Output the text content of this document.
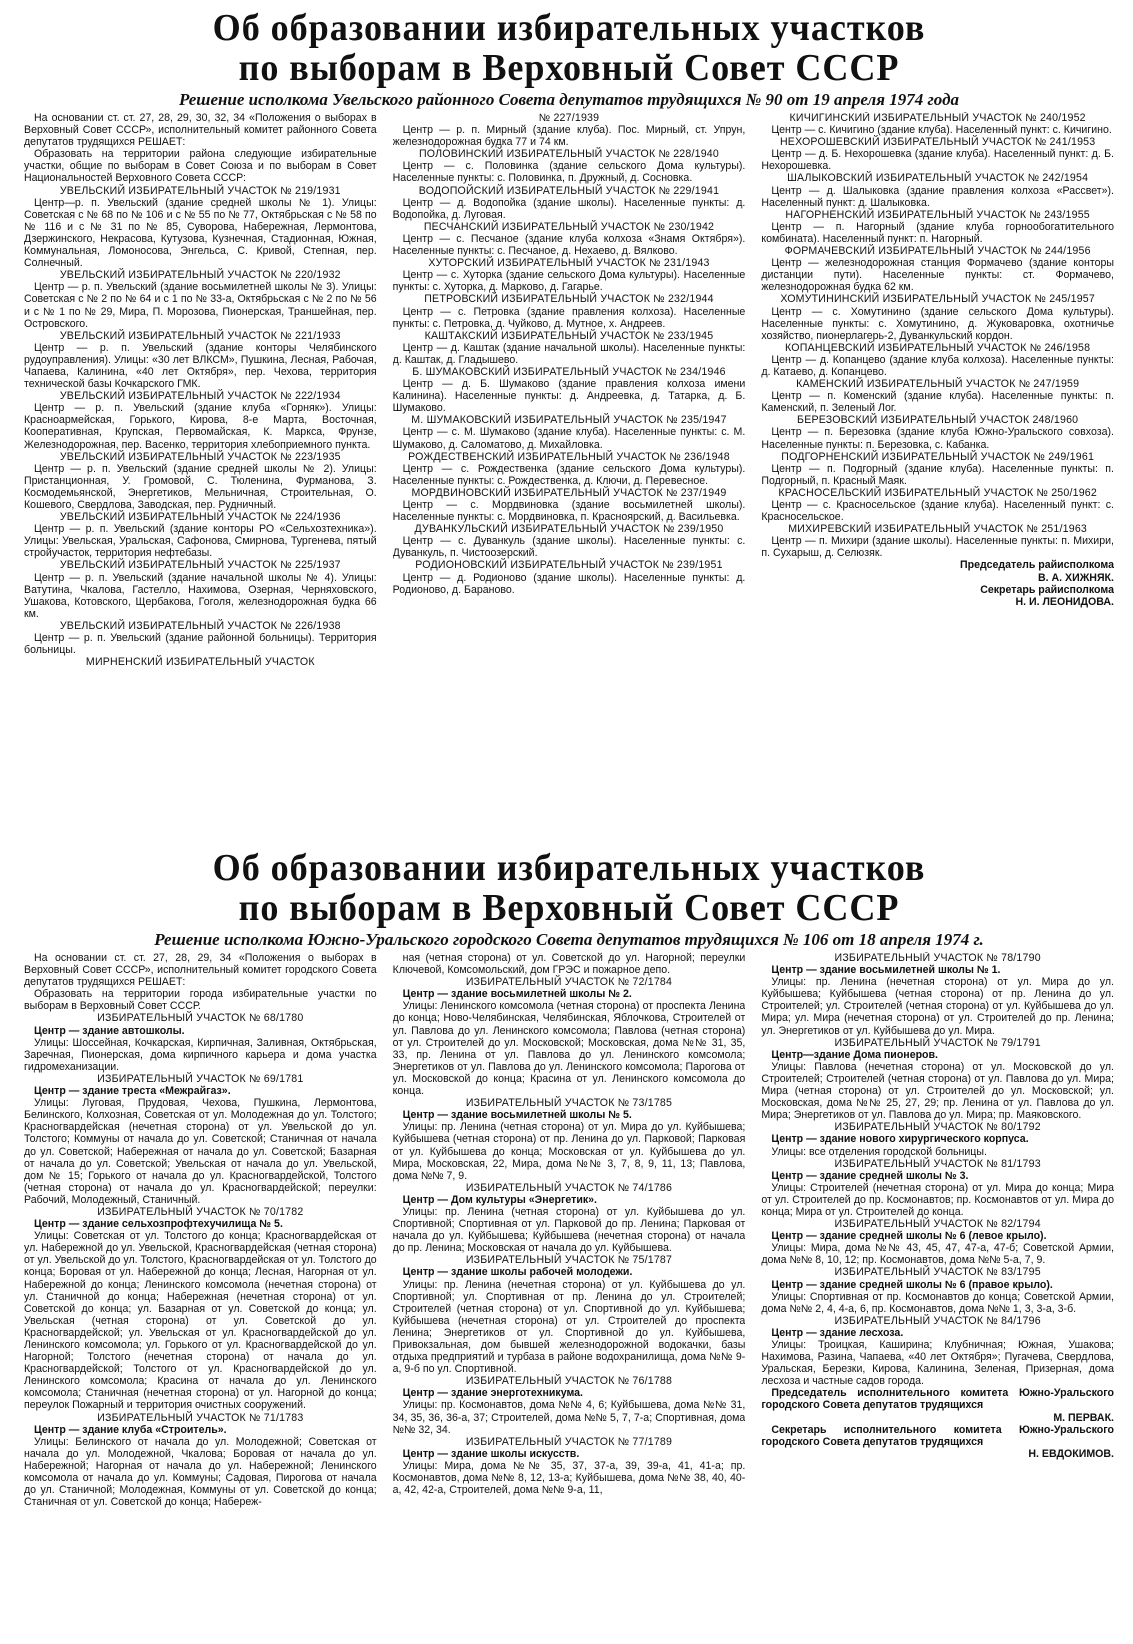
Об образовании избирательных участков
по выборам в Верховный Совет СССР
Решение исполкома Увельского районного Совета депутатов трудящихся № 90 от 19 апреля 1974 года

На основании ст. ст. 27, 28, 29, 30, 32, 34 «Положения о выборах в Верховный Совет СССР», исполнительный комитет районного Совета депутатов трудящихся РЕШАЕТ:

Образовать на территории района следующие избирательные участки, общие по выборам в Совет Союза и по выборам в Совет Национальностей Верховного Совета СССР:

УВЕЛЬСКИЙ ИЗБИРАТЕЛЬНЫЙ УЧАСТОК № 219/1931

Центр—р. п. Увельский (здание средней школы № 1). Улицы: Советская с № 68 по № 106 и с № 55 по № 77, Октябрьская с № 58 по № 116 и с № 31 по № 85, Суворова, Набережная, Лермонтова, Дзержинского, Некрасова, Кутузова, Кузнечная, Стадионная, Южная, Коммунальная, Ломоносова, Энгельса, С. Кривой, Степная, пер. Солнечный.

УВЕЛЬСКИЙ ИЗБИРАТЕЛЬНЫЙ УЧАСТОК № 220/1932

Центр — р. п. Увельский (здание восьмилетней школы № 3). Улицы: Советская с № 2 по № 64 и с 1 по № 33-а, Октябрьская с № 2 по № 56 и с № 1 по № 29, Мира, П. Морозова, Пионерская, Траншейная, пер. Островского.

УВЕЛЬСКИЙ ИЗБИРАТЕЛЬНЫЙ УЧАСТОК № 221/1933

Центр — р. п. Увельский (здание конторы Челябинского рудоуправления). Улицы: «30 лет ВЛКСМ», Пушкина, Лесная, Рабочая, Чапаева, Калинина, «40 лет Октября», пер. Чехова, территория технической базы Кочкарского ГМК.

УВЕЛЬСКИЙ ИЗБИРАТЕЛЬНЫЙ УЧАСТОК № 222/1934

Центр — р. п. Увельский (здание клуба «Горняк»). Улицы: Красноармейская, Горького, Кирова, 8-е Марта, Восточная, Кооперативная, Крупская, Первомайская, К. Маркса, Фрунзе, Железнодорожная, пер. Васенко, территория хлебоприемного пункта.

УВЕЛЬСКИЙ ИЗБИРАТЕЛЬНЫЙ УЧАСТОК № 223/1935

Центр — р. п. Увельский (здание средней школы № 2). Улицы: Пристанционная, У. Громовой, С. Тюленина, Фурманова, З. Космодемьянской, Энергетиков, Мельничная, Строительная, О. Кошевого, Свердлова, Заводская, пер. Рудничный.

УВЕЛЬСКИЙ ИЗБИРАТЕЛЬНЫЙ УЧАСТОК № 224/1936

Центр — р. п. Увельский (здание конторы РО «Сельхозтехника»). Улицы: Увельская, Уральская, Сафонова, Смирнова, Тургенева, пятый стройучасток, территория нефтебазы.

УВЕЛЬСКИЙ ИЗБИРАТЕЛЬНЫЙ УЧАСТОК № 225/1937

Центр — р. п. Увельский (здание начальной школы № 4). Улицы: Ватутина, Чкалова, Гастелло, Нахимова, Озерная, Черняховского, Ушакова, Котовского, Щербакова, Гоголя, железнодорожная будка 66 км.

УВЕЛЬСКИЙ ИЗБИРАТЕЛЬНЫЙ УЧАСТОК № 226/1938

Центр — р. п. Увельский (здание районной больницы). Территория больницы.

МИРНЕНСКИЙ ИЗБИРАТЕЛЬНЫЙ УЧАСТОК

№ 227/1939

Центр — р. п. Мирный (здание клуба). Пос. Мирный, ст. Упрун, железнодорожная будка 77 и 74 км.

ПОЛОВИНСКИЙ ИЗБИРАТЕЛЬНЫЙ УЧАСТОК № 228/1940

Центр — с. Половинка (здание сельского Дома культуры). Населенные пункты: с. Половинка, п. Дружный, д. Сосновка.

ВОДОПОЙСКИЙ ИЗБИРАТЕЛЬНЫЙ УЧАСТОК № 229/1941

Центр — д. Водопойка (здание школы). Населенные пункты: д. Водопойка, д. Луговая.

ПЕСЧАНСКИЙ ИЗБИРАТЕЛЬНЫЙ УЧАСТОК № 230/1942

Центр — с. Песчаное (здание клуба колхоза «Знамя Октября»). Населенные пункты: с. Песчаное, д. Нехаево, д. Вялково.

ХУТОРСКИЙ ИЗБИРАТЕЛЬНЫЙ УЧАСТОК № 231/1943

Центр — с. Хуторка (здание сельского Дома культуры). Населенные пункты: с. Хуторка, д. Марково, д. Гагарье.

ПЕТРОВСКИЙ ИЗБИРАТЕЛЬНЫЙ УЧАСТОК № 232/1944

Центр — с. Петровка (здание правления колхоза). Населенные пункты: с. Петровка, д. Чуйково, д. Мутное, х. Андреев.

КАШТАКСКИЙ ИЗБИРАТЕЛЬНЫЙ УЧАСТОК № 233/1945

Центр — д. Каштак (здание начальной школы). Населенные пункты: д. Каштак, д. Гладышево.

Б. ШУМАКОВСКИЙ ИЗБИРАТЕЛЬНЫЙ УЧАСТОК № 234/1946

Центр — д. Б. Шумаково (здание правления колхоза имени Калинина). Населенные пункты: д. Андреевка, д. Татарка, д. Б. Шумаково.

М. ШУМАКОВСКИЙ ИЗБИРАТЕЛЬНЫЙ УЧАСТОК № 235/1947

Центр — с. М. Шумаково (здание клуба). Населенные пункты: с. М. Шумаково, д. Саломатово, д. Михайловка.

РОЖДЕСТВЕНСКИЙ ИЗБИРАТЕЛЬНЫЙ УЧАСТОК № 236/1948

Центр — с. Рождественка (здание сельского Дома культуры). Населенные пункты: с. Рождественка, д. Ключи, д. Перевесное.

МОРДВИНОВСКИЙ ИЗБИРАТЕЛЬНЫЙ УЧАСТОК № 237/1949

Центр — с. Мордвиновка (здание восьмилетней школы). Населенные пункты: с. Мордвиновка, п. Красноярский, д. Васильевка.

ДУВАНКУЛЬСКИЙ ИЗБИРАТЕЛЬНЫЙ УЧАСТОК № 239/1950

Центр — с. Дуванкуль (здание школы). Населенные пункты: с. Дуванкуль, п. Чистоозерский.

РОДИОНОВСКИЙ ИЗБИРАТЕЛЬНЫЙ УЧАСТОК № 239/1951

Центр — д. Родионово (здание школы). Населенные пункты: д. Родионово, д. Бараново.

КИЧИГИНСКИЙ ИЗБИРАТЕЛЬНЫЙ УЧАСТОК № 240/1952

Центр — с. Кичигино (здание клуба). Населенный пункт: с. Кичигино.

НЕХОРОШЕВСКИЙ ИЗБИРАТЕЛЬНЫЙ УЧАСТОК № 241/1953

Центр — д. Б. Нехорошевка (здание клуба). Населенный пункт: д. Б. Нехорошевка.

ШАЛЫКОВСКИЙ ИЗБИРАТЕЛЬНЫЙ УЧАСТОК № 242/1954

Центр — д. Шалыковка (здание правления колхоза «Рассвет»). Населенный пункт: д. Шалыковка.

НАГОРНЕНСКИЙ ИЗБИРАТЕЛЬНЫЙ УЧАСТОК № 243/1955

Центр — п. Нагорный (здание клуба горнообогатительного комбината). Населенный пункт: п. Нагорный.

ФОРМАЧЕВСКИЙ ИЗБИРАТЕЛЬНЫЙ УЧАСТОК № 244/1956

Центр — железнодорожная станция Формачево (здание конторы дистанции пути). Населенные пункты: ст. Формачево, железнодорожная будка 62 км.

ХОМУТИНИНСКИЙ ИЗБИРАТЕЛЬНЫЙ УЧАСТОК № 245/1957

Центр — с. Хомутинино (здание сельского Дома культуры). Населенные пункты: с. Хомутинино, д. Жуковаровка, охотничье хозяйство, пионерлагерь-2, Дуванкульский кордон.

КОПАНЦЕВСКИЙ ИЗБИРАТЕЛЬНЫЙ УЧАСТОК № 246/1958

Центр — д. Копанцево (здание клуба колхоза). Населенные пункты: д. Катаево, д. Копанцево.

КАМЕНСКИЙ ИЗБИРАТЕЛЬНЫЙ УЧАСТОК № 247/1959

Центр — п. Коменский (здание клуба). Населенные пункты: п. Каменский, п. Зеленый Лог.

БЕРЕЗОВСКИЙ ИЗБИРАТЕЛЬНЫЙ УЧАСТОК 248/1960

Центр — п. Березовка (здание клуба Южно-Уральского совхоза). Населенные пункты: п. Березовка, с. Кабанка.

ПОДГОРНЕНСКИЙ ИЗБИРАТЕЛЬНЫЙ УЧАСТОК № 249/1961

Центр — п. Подгорный (здание клуба). Населенные пункты: п. Подгорный, п. Красный Маяк.

КРАСНОСЕЛЬСКИЙ ИЗБИРАТЕЛЬНЫЙ УЧАСТОК № 250/1962

Центр — с. Красносельское (здание клуба). Населенный пункт: с. Красносельское.

МИХИРЕВСКИЙ ИЗБИРАТЕЛЬНЫЙ УЧАСТОК № 251/1963

Центр — п. Михири (здание школы). Населенные пункты: п. Михири, п. Сухарыш, д. Селюзяк.

Председатель райисполкома

В. А. ХИЖНЯК.

Секретарь райисполкома

Н. И. ЛЕОНИДОВА.

Об образовании избирательных участков
по выборам в Верховный Совет СССР
Решение исполкома Южно-Уральского городского Совета депутатов трудящихся № 106 от 18 апреля 1974 г.

На основании ст. ст. 27, 28, 29, 34 «Положения о выборах в Верховный Совет СССР», исполнительный комитет городского Совета депутатов трудящихся РЕШАЕТ:

Образовать на территории города избирательные участки по выборам в Верховный Совет СССР.

ИЗБИРАТЕЛЬНЫЙ УЧАСТОК № 68/1780

Центр — здание автошколы.

Улицы: Шоссейная, Кочкарская, Кирпичная, Заливная, Октябрьская, Заречная, Пионерская, дома кирпичного карьера и дома участка гидромеханизации.

ИЗБИРАТЕЛЬНЫЙ УЧАСТОК № 69/1781

Центр — здание треста «Межрайгаз».

Улицы: Луговая, Прудовая, Чехова, Пушкина, Лермонтова, Белинского, Колхозная, Советская от ул. Молодежная до ул. Толстого; Красногвардейская (нечетная сторона) от ул. Увельской до ул. Толстого; Коммуны от начала до ул. Советской; Станичная от начала до ул. Советской; Набережная от начала до ул. Советской; Базарная от начала до ул. Советской; Увельская от начала до ул. Увельской, дом № 15; Горького от начала до ул. Красногвардейской, Толстого (четная сторона) от начала до ул. Красногвардейской; переулки: Рабочий, Молодежный, Станичный.

ИЗБИРАТЕЛЬНЫЙ УЧАСТОК № 70/1782

Центр — здание сельхозпрофтехучилища № 5.

Улицы: Советская от ул. Толстого до конца; Красногвардейская от ул. Набережной до ул. Увельской, Красногвардейская (четная сторона) от ул. Увельской до ул. Толстого, Красногвардейская от ул. Толстого до конца; Боровая от ул. Набережной до конца; Лесная, Нагорная от ул. Набережной до конца; Ленинского комсомола (нечетная сторона) от ул. Станичной до конца; Набережная (нечетная сторона) от ул. Советской до конца; ул. Базарная от ул. Советской до конца; ул. Увельская (четная сторона) от ул. Советской до ул. Красногвардейской; ул. Увельская от ул. Красногвардейской до ул. Ленинского комсомола; ул. Горького от ул. Красногвардейской до ул. Нагорной; Толстого (нечетная сторона) от начала до ул. Красногвардейской; Толстого от ул. Красногвардейской до ул. Ленинского комсомола; Красина от начала до ул. Ленинского комсомола; Станичная (нечетная сторона) от ул. Нагорной до конца; переулок Пожарный и территория очистных сооружений.

ИЗБИРАТЕЛЬНЫЙ УЧАСТОК № 71/1783

Центр — здание клуба «Строитель».

Улицы: Белинского от начала до ул. Молодежной; Советская от начала до ул. Молодежной, Чкалова; Боровая от начала до ул. Набережной; Нагорная от начала до ул. Набережной; Ленинского комсомола от начала до ул. Коммуны; Садовая, Пирогова от начала до ул. Станичной; Молодежная, Коммуны от ул. Советской до конца; Станичная от ул. Советской до конца; Набереж-

ная (четная сторона) от ул. Советской до ул. Нагорной; переулки Ключевой, Комсомольский, дом ГРЭС и пожарное депо.

ИЗБИРАТЕЛЬНЫЙ УЧАСТОК № 72/1784

Центр — здание восьмилетней школы № 2.

Улицы: Ленинского комсомола (четная сторона) от проспекта Ленина до конца; Ново-Челябинская, Челябинская, Яблочкова, Строителей от ул. Павлова до ул. Ленинского комсомола; Павлова (четная сторона) от ул. Строителей до ул. Московской; Московская, дома №№ 31, 35, 33, пр. Ленина от ул. Павлова до ул. Ленинского комсомола; Энергетиков от ул. Павлова до ул. Ленинского комсомола; Парогова от ул. Московской до конца; Красина от ул. Ленинского комсомола до конца.

ИЗБИРАТЕЛЬНЫЙ УЧАСТОК № 73/1785

Центр — здание восьмилетней школы № 5.

Улицы: пр. Ленина (четная сторона) от ул. Мира до ул. Куйбышева; Куйбышева (четная сторона) от пр. Ленина до ул. Парковой; Парковая от ул. Куйбышева до конца; Московская от ул. Куйбышева до ул. Мира, Московская, 22, Мира, дома №№ 3, 7, 8, 9, 11, 13; Павлова, дома №№ 7, 9.

ИЗБИРАТЕЛЬНЫЙ УЧАСТОК № 74/1786

Центр — Дом культуры «Энергетик».

Улицы: пр. Ленина (четная сторона) от ул. Куйбышева до ул. Спортивной; Спортивная от ул. Парковой до пр. Ленина; Парковая от начала до ул. Куйбышева; Куйбышева (нечетная сторона) от начала до пр. Ленина; Московская от начала до ул. Куйбышева.

ИЗБИРАТЕЛЬНЫЙ УЧАСТОК № 75/1787

Центр — здание школы рабочей молодежи.

Улицы: пр. Ленина (нечетная сторона) от ул. Куйбышева до ул. Спортивной; ул. Спортивная от пр. Ленина до ул. Строителей; Строителей (четная сторона) от ул. Спортивной до ул. Куйбышева; Куйбышева (нечетная сторона) от ул. Строителей до проспекта Ленина; Энергетиков от ул. Спортивной до ул. Куйбышева, Привокзальная, дом бывшей железнодорожной водокачки, базы отдыха предприятий и турбаза в районе водохранилища, дома №№ 9-а, 9-б по ул. Спортивной.

ИЗБИРАТЕЛЬНЫЙ УЧАСТОК № 76/1788

Центр — здание энерготехникума.

Улицы: пр. Космонавтов, дома №№ 4, 6; Куйбышева, дома №№ 31, 34, 35, 36, 36-а, 37; Строителей, дома №№ 5, 7, 7-а; Спортивная, дома №№ 32, 34.

ИЗБИРАТЕЛЬНЫЙ УЧАСТОК № 77/1789

Центр — здание школы искусств.

Улицы: Мира, дома №№ 35, 37, 37-а, 39, 39-а, 41, 41-а; пр. Космонавтов, дома №№ 8, 12, 13-а; Куйбышева, дома №№ 38, 40, 40-а, 42, 42-а, Строителей, дома №№ 9-а, 11,

ИЗБИРАТЕЛЬНЫЙ УЧАСТОК № 78/1790

Центр — здание восьмилетней школы № 1.

Улицы: пр. Ленина (нечетная сторона) от ул. Мира до ул. Куйбышева; Куйбышева (четная сторона) от пр. Ленина до ул. Строителей; ул. Строителей (четная сторона) от ул. Куйбышева до ул. Мира; ул. Мира (нечетная сторона) от ул. Строителей до пр. Ленина; ул. Энергетиков от ул. Куйбышева до ул. Мира.

ИЗБИРАТЕЛЬНЫЙ УЧАСТОК № 79/1791

Центр—здание Дома пионеров.

Улицы: Павлова (нечетная сторона) от ул. Московской до ул. Строителей; Строителей (четная сторона) от ул. Павлова до ул. Мира; Мира (четная сторона) от ул. Строителей до ул. Московской; ул. Московская, дома №№ 25, 27, 29; пр. Ленина от ул. Павлова до ул. Мира; Энергетиков от ул. Павлова до ул. Мира; пр. Маяковского.

ИЗБИРАТЕЛЬНЫЙ УЧАСТОК № 80/1792

Центр — здание нового хирургического корпуса.

Улицы: все отделения городской больницы.

ИЗБИРАТЕЛЬНЫЙ УЧАСТОК № 81/1793

Центр — здание средней школы № 3.

Улицы: Строителей (нечетная сторона) от ул. Мира до конца; Мира от ул. Строителей до пр. Космонавтов; пр. Космонавтов от ул. Мира до конца; Мира от ул. Строителей до конца.

ИЗБИРАТЕЛЬНЫЙ УЧАСТОК № 82/1794

Центр — здание средней школы № 6 (левое крыло).

Улицы: Мира, дома №№ 43, 45, 47, 47-а, 47-б; Советской Армии, дома №№ 8, 10, 12; пр. Космонавтов, дома №№ 5-а, 7, 9.

ИЗБИРАТЕЛЬНЫЙ УЧАСТОК № 83/1795

Центр — здание средней школы № 6 (правое крыло).

Улицы: Спортивная от пр. Космонавтов до конца; Советской Армии, дома №№ 2, 4, 4-а, 6, пр. Космонавтов, дома №№ 1, 3, 3-а, 3-б.

ИЗБИРАТЕЛЬНЫЙ УЧАСТОК № 84/1796

Центр — здание лесхоза.

Улицы: Троицкая, Каширина; Клубничная; Южная, Ушакова; Нахимова, Разина, Чапаева, «40 лет Октября»; Пугачева, Свердлова, Уральская, Березки, Кирова, Калинина, Зеленая, Призерная, дома лесхоза и частные садов города.

Председатель исполнительного комитета Южно-Уральского городского Совета депутатов трудящихся

М. ПЕРВАК.

Секретарь исполнительного комитета Южно-Уральского городского Совета депутатов трудящихся

Н. ЕВДОКИМОВ.
